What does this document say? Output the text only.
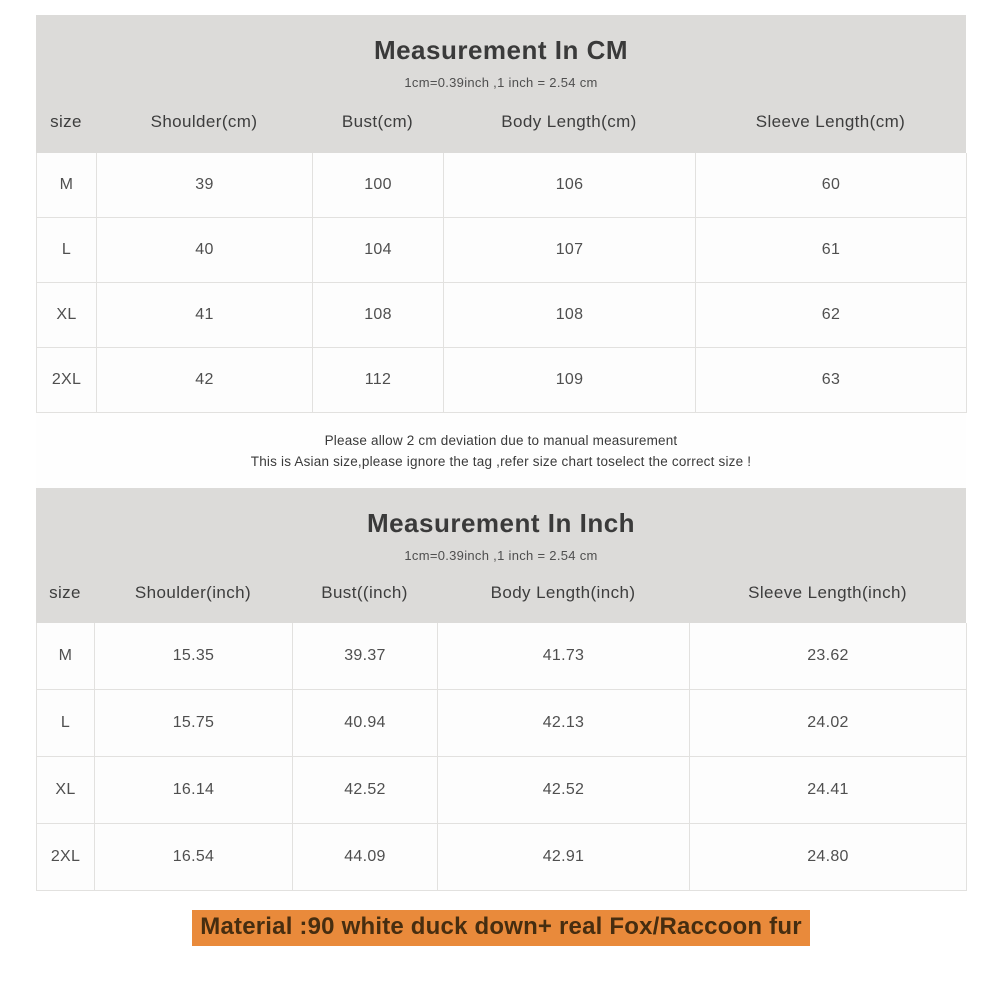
Measurement In CM
1cm=0.39inch ,1 inch = 2.54 cm
size	Shoulder(cm)	Bust(cm)	Body Length(cm)	Sleeve Length(cm)
M	39	100	106	60
L	40	104	107	61
XL	41	108	108	62
2XL	42	112	109	63
Please allow 2 cm deviation due to manual measurement
This is Asian size,please ignore the tag ,refer size chart toselect the correct size !
Measurement In Inch
1cm=0.39inch ,1 inch = 2.54 cm
size	Shoulder(inch)	Bust((inch)	Body Length(inch)	Sleeve Length(inch)
M	15.35	39.37	41.73	23.62
L	15.75	40.94	42.13	24.02
XL	16.14	42.52	42.52	24.41
2XL	16.54	44.09	42.91	24.80
Material :90 white duck down+ real Fox/Raccoon fur
